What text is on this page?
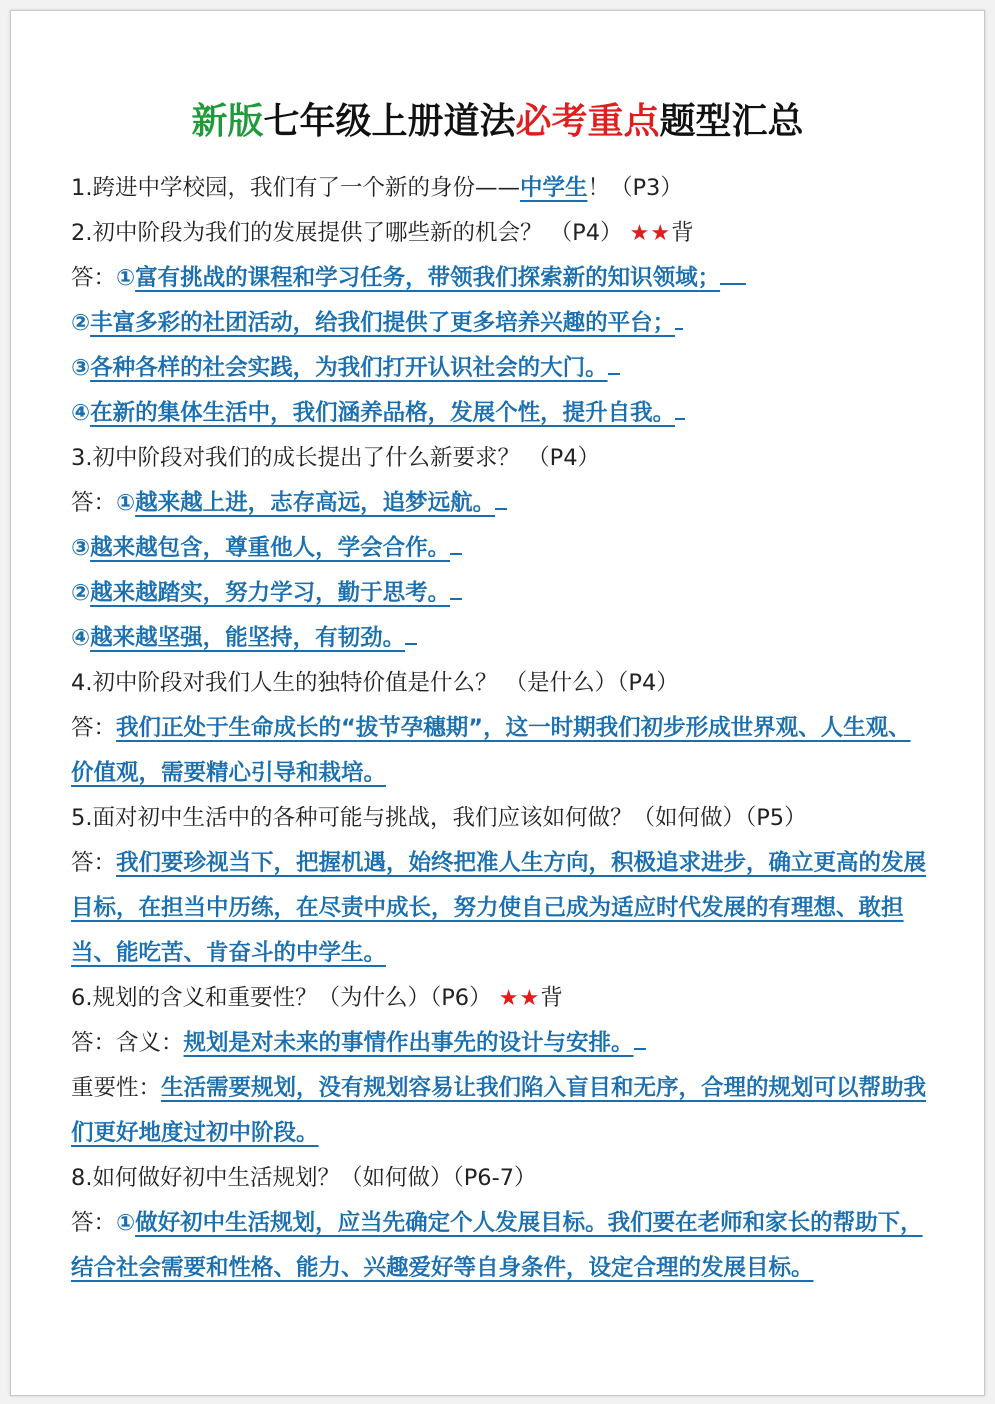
新版七年级上册道法必考重点题型汇总
1.跨进中学校园，我们有了一个新的身份——中学生！（P3）
2.初中阶段为我们的发展提供了哪些新的机会？ （P4） ★★背
答：①富有挑战的课程和学习任务，带领我们探索新的知识领域；
②丰富多彩的社团活动，给我们提供了更多培养兴趣的平台；
③各种各样的社会实践，为我们打开认识社会的大门。
④在新的集体生活中，我们涵养品格，发展个性，提升自我。
3.初中阶段对我们的成长提出了什么新要求？ （P4）
答：①越来越上进，志存高远，追梦远航。
③越来越包含，尊重他人，学会合作。
②越来越踏实，努力学习，勤于思考。
④越来越坚强，能坚持，有韧劲。
4.初中阶段对我们人生的独特价值是什么？ （是什么）（P4）
答：我们正处于生命成长的“拔节孕穗期”，这一时期我们初步形成世界观、人生观、价值观，需要精心引导和栽培。
5.面对初中生活中的各种可能与挑战，我们应该如何做？（如何做）（P5）
答：我们要珍视当下，把握机遇，始终把准人生方向，积极追求进步，确立更高的发展目标，在担当中历练，在尽责中成长，努力使自己成为适应时代发展的有理想、敢担当、能吃苦、肯奋斗的中学生。
6.规划的含义和重要性？（为什么）（P6） ★★背
答：含义：规划是对未来的事情作出事先的设计与安排。
重要性：生活需要规划，没有规划容易让我们陷入盲目和无序，合理的规划可以帮助我们更好地度过初中阶段。
8.如何做好初中生活规划？（如何做）（P6-7）
答：①做好初中生活规划，应当先确定个人发展目标。我们要在老师和家长的帮助下，结合社会需要和性格、能力、兴趣爱好等自身条件，设定合理的发展目标。
